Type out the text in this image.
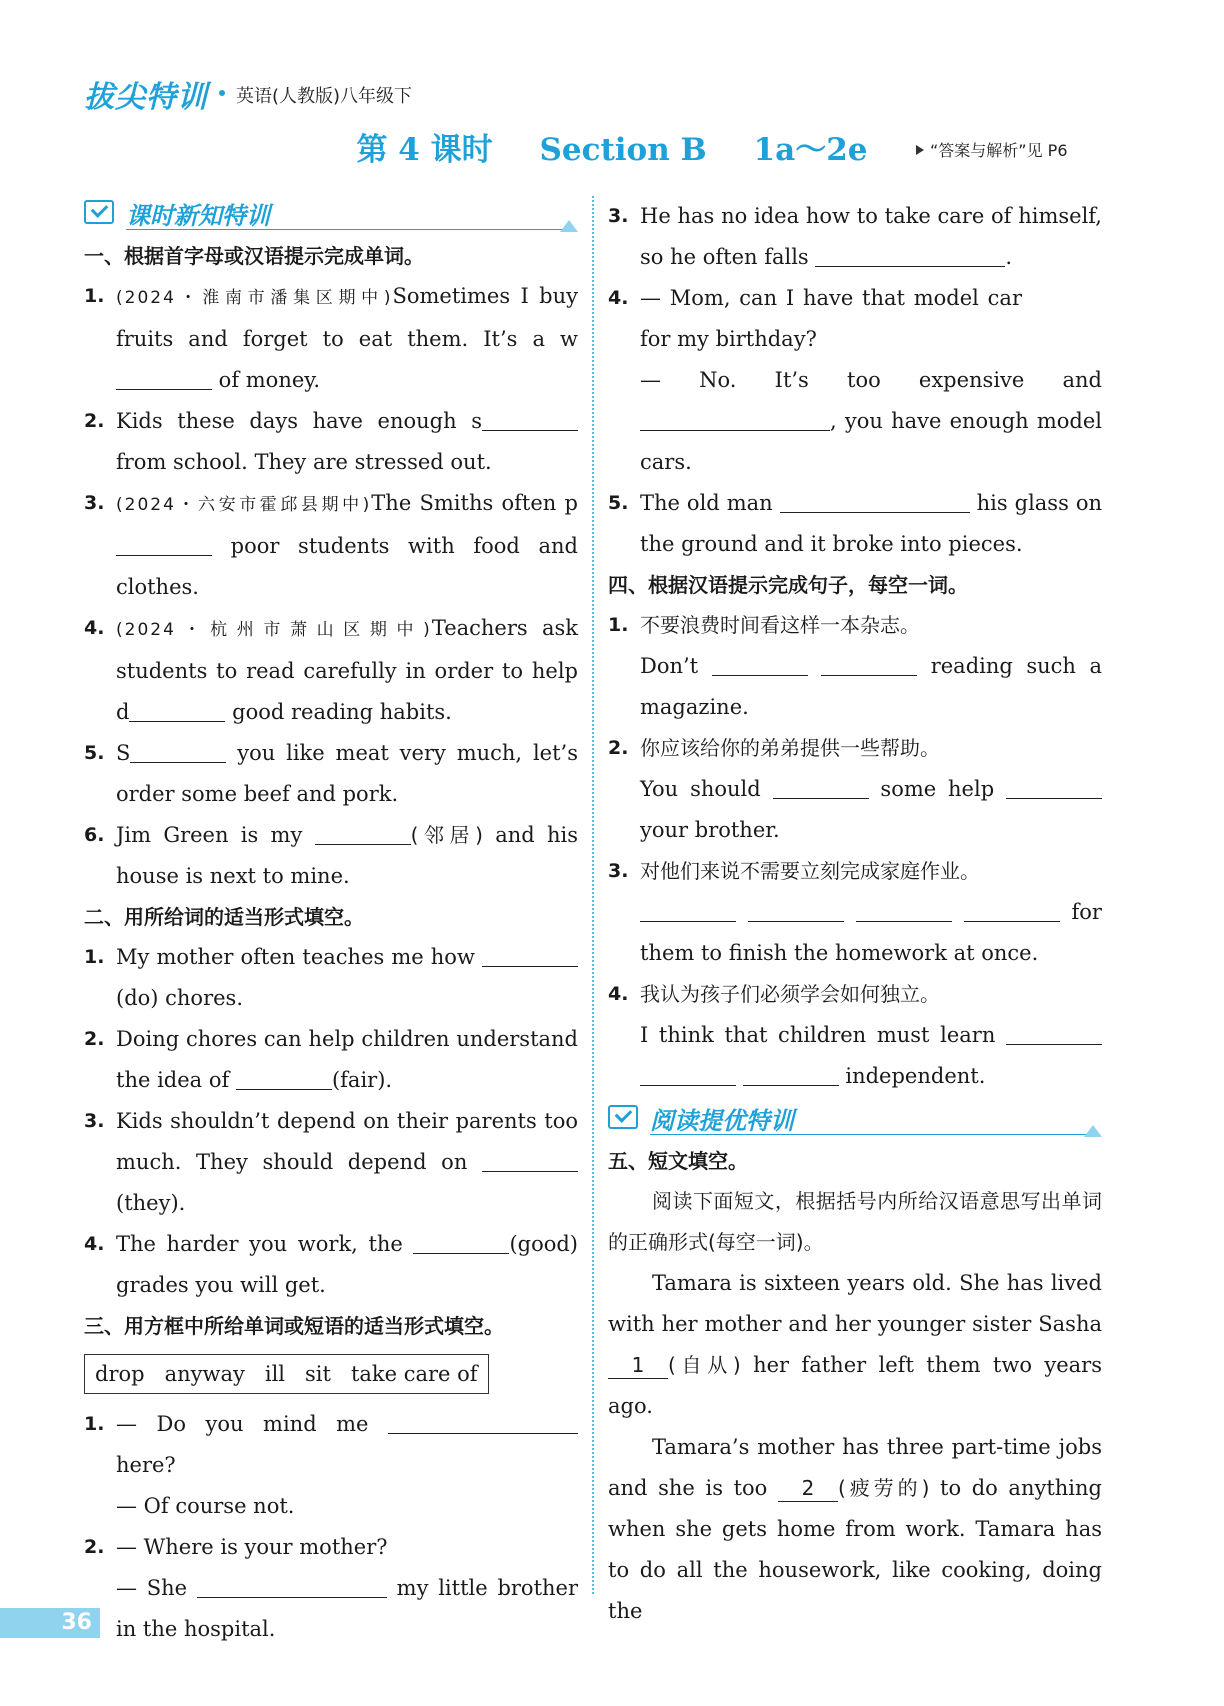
拔尖特训 英语(人教版)八年级下
第 4 课时 Section B 1a～2e	“答案与解析”见 P6
课时新知特训

一、根据首字母或汉语提示完成单词。

1. (2024・淮南市潘集区期中)Sometimes I buy fruits and forget to eat them. It’s a w of money.
2. Kids these days have enough s from school. They are stressed out.
3. (2024・六安市霍邱县期中)The Smiths often p poor students with food and clothes.
4. (2024・杭州市萧山区期中)Teachers ask students to read carefully in order to help d	good reading habits.
5. S	you like meat very much, let’s order some beef and pork.
6. Jim Green is my	(邻居) and his house is next to mine.

二、用所给词的适当形式填空。

1. My mother often teaches me how  (do) chores.
2. Doing chores can help children understand the idea of	(fair).
3. Kids shouldn’t depend on their parents too much. They should depend on  (they).
4. The harder you work, the	(good) grades you will get.

三、用方框中所给单词或短语的适当形式填空。

drop anyway ill sit take care of
1. — Do you mind me  here?
— Of course not.
2. — Where is your mother?
— She	my little brother in the hospital.
3. He has no idea how to take care of himself, so he often falls	.
4. — Mom, can I have that model car for my birthday?
— No. It’s too expensive and , you have enough model cars.
5. The old man	his glass on the ground and it broke into pieces.

四、根据汉语提示完成句子，每空一词。

1. 不要浪费时间看这样一本杂志。
Don’t	reading such a magazine.
2. 你应该给你的弟弟提供一些帮助。
You should	some help  your brother.
3. 对他们来说不需要立刻完成家庭作业。
for them to finish the homework at once.
4. 我认为孩子们必须学会如何独立。
I think that children must learn    independent.
阅读提优特训

五、短文填空。

阅读下面短文，根据括号内所给汉语意思写出单词的正确形式(每空一词)。

Tamara is sixteen years old. She has lived with her mother and her younger sister Sasha 1 (自从) her father left them two years ago.

Tamara’s mother has three part-time jobs and she is too 2 (疲劳的) to do anything when she gets home from work. Tamara has to do all the housework, like cooking, doing the

36
